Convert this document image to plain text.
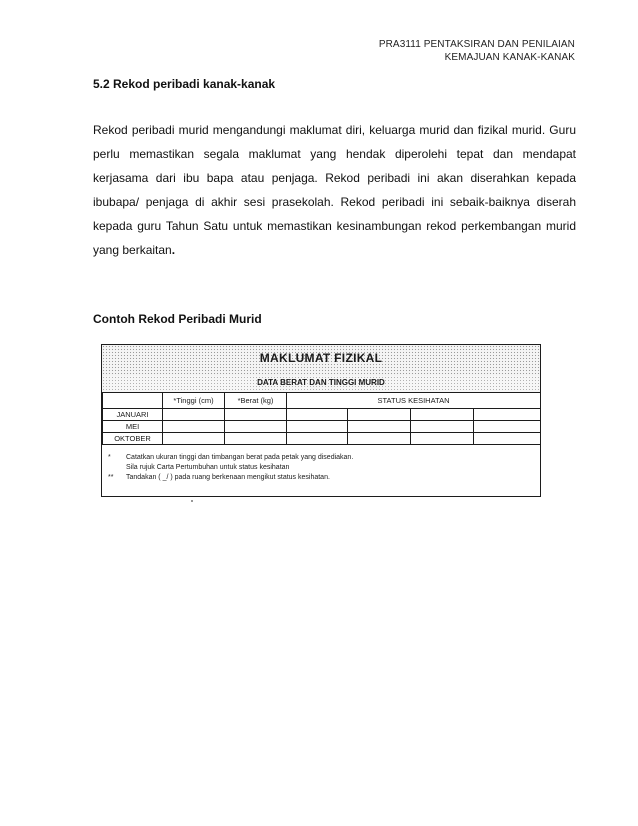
PRA3111 PENTAKSIRAN DAN PENILAIAN
KEMAJUAN KANAK-KANAK
5.2 Rekod peribadi kanak-kanak
Rekod peribadi murid mengandungi maklumat diri, keluarga murid dan fizikal murid. Guru perlu memastikan segala maklumat yang hendak diperolehi tepat dan mendapat kerjasama dari ibu bapa atau penjaga. Rekod peribadi ini akan diserahkan kepada ibubapa/ penjaga di akhir sesi prasekolah. Rekod peribadi ini sebaik-baiknya diserah kepada guru Tahun Satu untuk memastikan kesinambungan rekod perkembangan murid yang berkaitan.
Contoh Rekod Peribadi Murid
MAKLUMAT FIZIKAL
DATA BERAT DAN TINGGI MURID
	*Tinggi (cm)	*Berat (kg)	STATUS KESIHATAN			
JANUARI						
MEI						
OKTOBER						
* Catatkan ukuran tinggi dan timbangan berat pada petak yang disediakan.
Sila rujuk Carta Pertumbuhan untuk status kesihatan
** Tandakan ( _/ ) pada ruang berkenaan mengikut status kesihatan.
